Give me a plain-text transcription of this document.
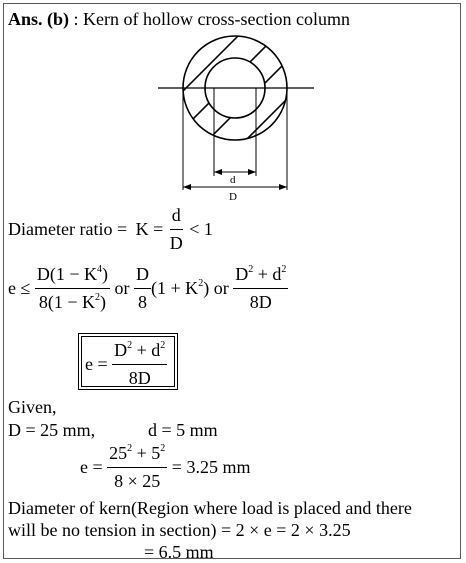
Ans. (b) : Kern of hollow cross-section column
d
D
Diameter ratio = $K = \frac{d}{D} < 1$
$e \le \frac{D(1 - K^4)}{8(1 - K^2)}$ or $\frac{D}{8} (1 + K^2)$ or $\frac{D^2 + d^2}{8D}$
$e = \frac{D^2 + d^2}{8D}$
Given,
D = 25 mm,	d = 5 mm
$e = \frac{25^2 + 5^2}{8 \times 25} = 3.25$ mm
Diameter of kern(Region where load is placed and there
will be no tension in section) = 2 × e = 2 × 3.25
= 6.5 mm
